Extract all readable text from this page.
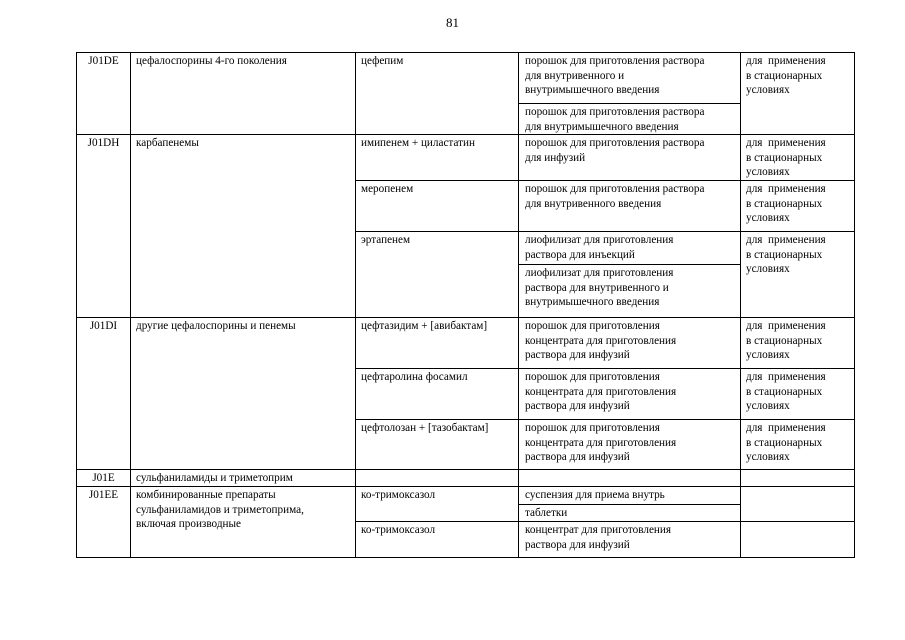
81
J01DE	цефалоспорины 4-го поколения	цефепим	порошок для приготовления раствора
для внутривенного и
внутримышечного введения	для  применения
в стационарных
условиях

			порошок для приготовления раствора
для внутримышечного введения	

J01DH	карбапенемы	имипенем + циластатин	порошок для приготовления раствора
для инфузий	для  применения
в стационарных
условиях

		меропенем	порошок для приготовления раствора
для внутривенного введения	для  применения
в стационарных
условиях

		эртапенем	лиофилизат для приготовления
раствора для инъекций	для  применения
в стационарных
условиях

			лиофилизат для приготовления
раствора для внутривенного и
внутримышечного введения	

J01DI	другие цефалоспорины и пенемы	цефтазидим + [авибактам]	порошок для приготовления
концентрата для приготовления
раствора для инфузий	для  применения
в стационарных
условиях

		цефтаролина фосамил	порошок для приготовления
концентрата для приготовления
раствора для инфузий	для  применения
в стационарных
условиях

		цефтолозан + [тазобактам]	порошок для приготовления
концентрата для приготовления
раствора для инфузий	для  применения
в стационарных
условиях

J01E	сульфаниламиды и триметоприм			

J01EE	комбинированные препараты
сульфаниламидов и триметоприма,
включая производные	ко-тримоксазол	суспензия для приема внутрь	

			таблетки	

		ко-тримоксазол	концентрат для приготовления
раствора для инфузий	
